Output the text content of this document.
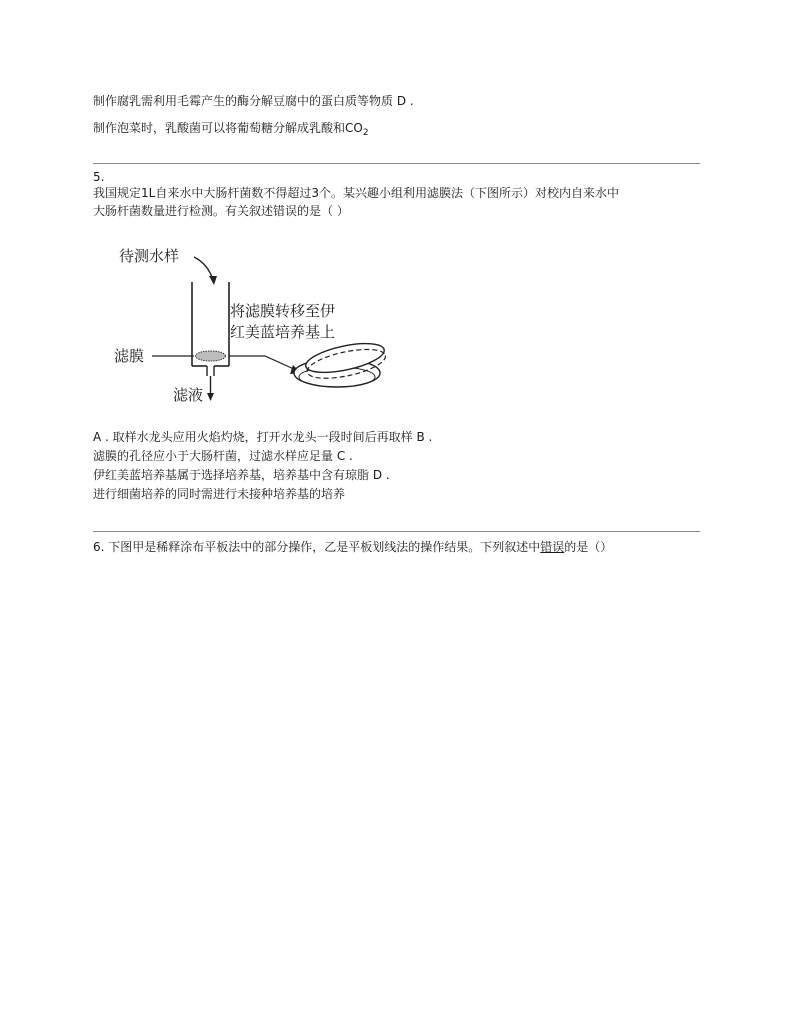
制作腐乳需利用毛霉产生的酶分解豆腐中的蛋白质等物质 D .
制作泡菜时，乳酸菌可以将葡萄糖分解成乳酸和$CO_2$
5.
我国规定1L自来水中大肠杆菌数不得超过3个。某兴趣小组利用滤膜法（下图所示）对校内自来水中
大肠杆菌数量进行检测。有关叙述错误的是（ ）
待测水样
将滤膜转移至伊
红美蓝培养基上
滤膜
滤液
A . 取样水龙头应用火焰灼烧，打开水龙头一段时间后再取样 B .
滤膜的孔径应小于大肠杆菌，过滤水样应足量 C .
伊红美蓝培养基属于选择培养基，培养基中含有琼脂 D .
进行细菌培养的同时需进行未接种培养基的培养
6. 下图甲是稀释涂布平板法中的部分操作，乙是平板划线法的操作结果。下列叙述中错误的是（）
